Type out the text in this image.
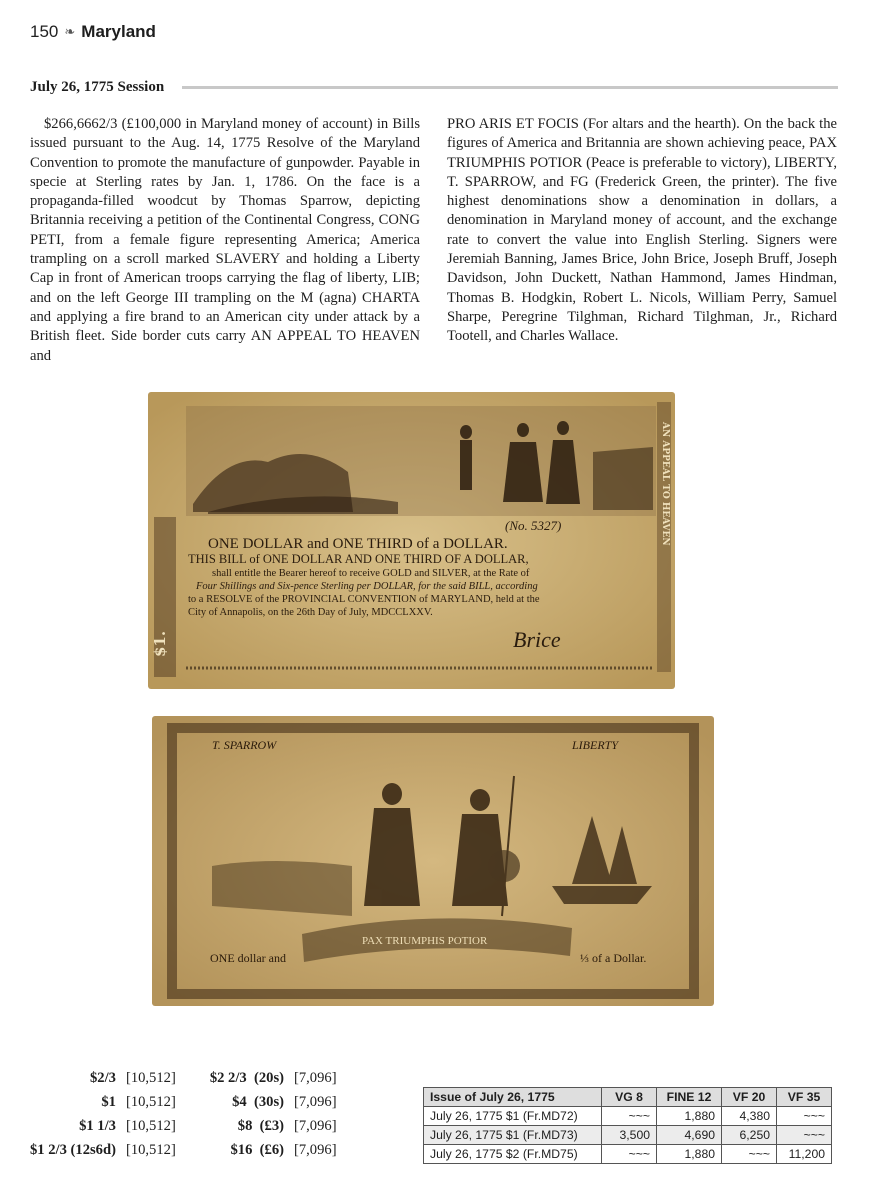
150 ❧ Maryland
July 26, 1775 Session

$266,6662/3 (£100,000 in Maryland money of account) in Bills issued pursuant to the Aug. 14, 1775 Resolve of the Maryland Convention to promote the manufacture of gunpowder. Payable in specie at Sterling rates by Jan. 1, 1786. On the face is a propaganda-filled woodcut by Thomas Sparrow, depicting Britannia receiving a petition of the Continental Congress, CONG PETI, from a female figure representing America; America trampling on a scroll marked SLAVERY and holding a Liberty Cap in front of American troops carrying the flag of liberty, LIB; and on the left George III trampling on the M (agna) CHARTA and applying a fire brand to an American city under attack by a British fleet. Side border cuts carry AN APPEAL TO HEAVEN and

PRO ARIS ET FOCIS (For altars and the hearth). On the back the figures of America and Britannia are shown achieving peace, PAX TRIUMPHIS POTIOR (Peace is preferable to victory), LIBERTY, T. SPARROW, and FG (Frederick Green, the printer). The five highest denominations show a denomination in dollars, a denomination in Maryland money of account, and the exchange rate to convert the value into English Sterling. Signers were Jeremiah Banning, James Brice, John Brice, Joseph Bruff, Joseph Davidson, John Duckett, Nathan Hammond, James Hindman, Thomas B. Hodgkin, Robert L. Nicols, William Perry, Samuel Sharpe, Peregrine Tilghman, Richard Tilghman, Jr., Richard Tootell, and Charles Wallace.

$1.
AN APPEAL TO HEAVEN
(No. 5327)
ONE DOLLAR and ONE THIRD of a DOLLAR.
THIS BILL of ONE DOLLAR AND ONE THIRD OF A DOLLAR,
shall entitle the Bearer hereof to receive GOLD and SILVER, at the Rate of
Four Shillings and Six-pence Sterling per DOLLAR, for the said BILL, according
to a RESOLVE of the PROVINCIAL CONVENTION of MARYLAND, held at the
City of Annapolis, on the 26th Day of July, MDCCLXXV.
Brice
T. SPARROW	LIBERTY
PAX TRIUMPHIS POTIOR
ONE dollar and	⅓ of a Dollar.
$2/3	[10,512]	$2 2/3  (20s)	[7,096]
$1	[10,512]	$4  (30s)	[7,096]
$1 1/3	[10,512]	$8  (£3)	[7,096]
$1 2/3 (12s6d)	[10,512]	$16  (£6)	[7,096]
Issue of July 26, 1775	VG 8	FINE 12	VF 20	VF 35
July 26, 1775 $1 (Fr.MD72)	~~~	1,880	4,380	~~~
July 26, 1775 $1 (Fr.MD73)	3,500	4,690	6,250	~~~
July 26, 1775 $2 (Fr.MD75)	~~~	1,880	~~~	11,200
